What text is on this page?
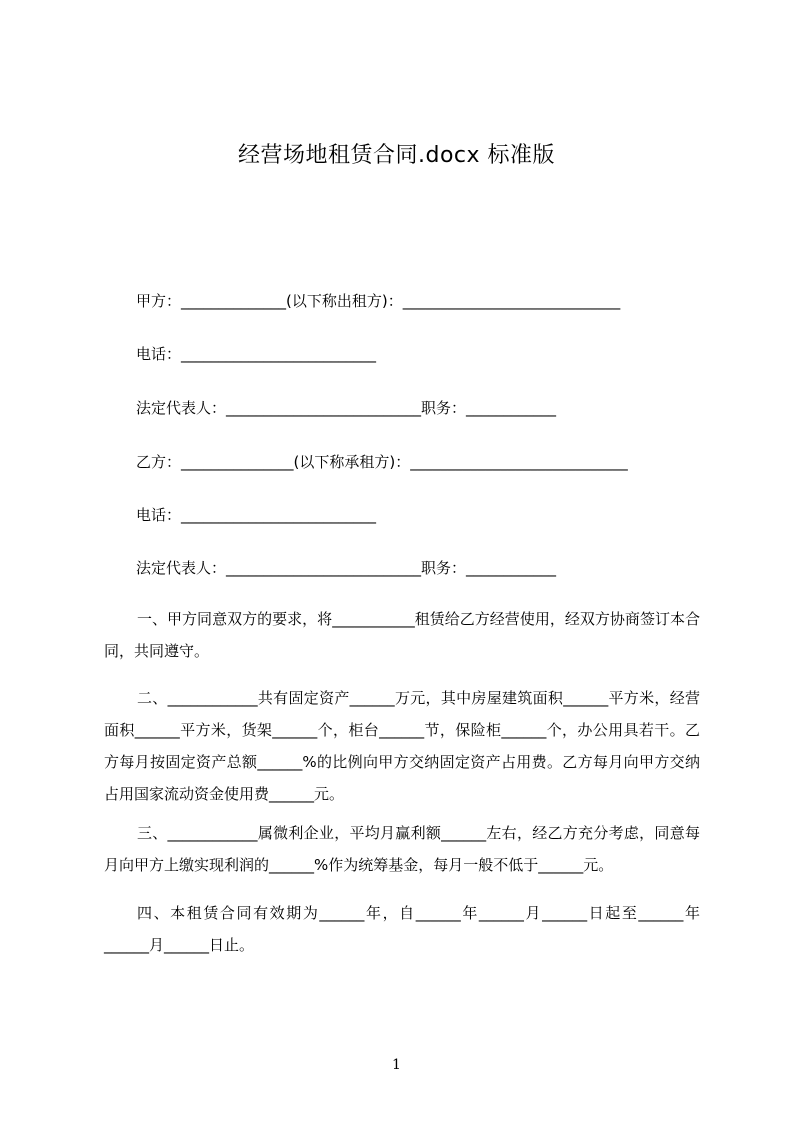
经营场地租赁合同.docx 标准版
甲方：______________(以下称出租方)：_____________________________
电话：__________________________
法定代表人：__________________________职务：____________
乙方：_______________(以下称承租方)：_____________________________
电话：__________________________
法定代表人：__________________________职务：____________
一、甲方同意双方的要求，将___________租赁给乙方经营使用，经双方协商签订本合同，共同遵守。
二、____________共有固定资产______万元，其中房屋建筑面积______平方米，经营面积______平方米，货架______个，柜台______节，保险柜______个，办公用具若干。乙方每月按固定资产总额______%的比例向甲方交纳固定资产占用费。乙方每月向甲方交纳占用国家流动资金使用费______元。
三、____________属微利企业，平均月赢利额______左右，经乙方充分考虑，同意每月向甲方上缴实现利润的______%作为统筹基金，每月一般不低于______元。
四、本租赁合同有效期为______年，自______年______月______日起至______年______月______日止。
1
